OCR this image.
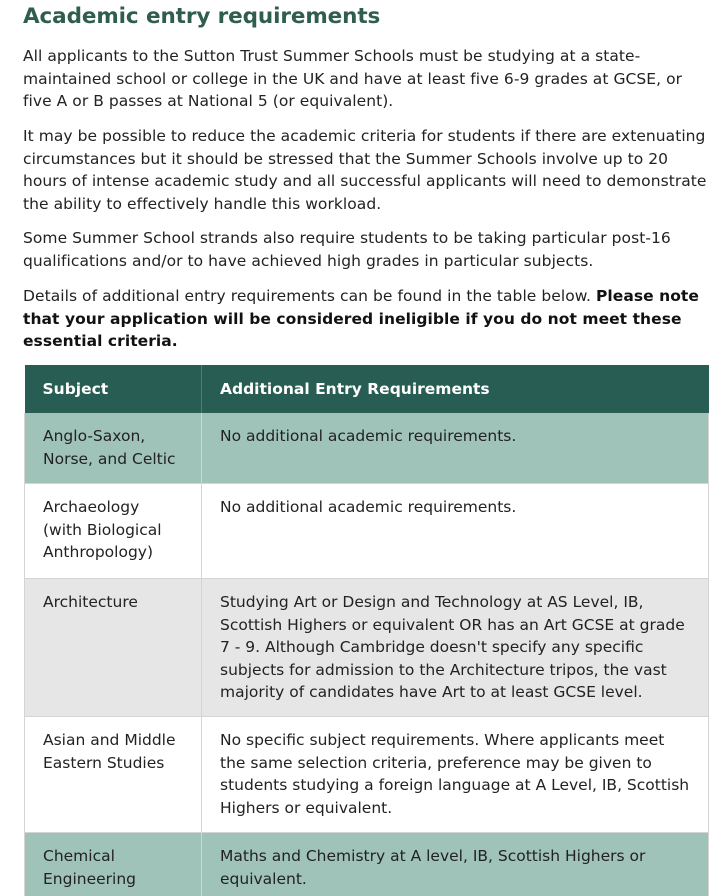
Academic entry requirements

All applicants to the Sutton Trust Summer Schools must be studying at a state-maintained school or college in the UK and have at least five 6-9 grades at GCSE, or five A or B passes at National 5 (or equivalent).

It may be possible to reduce the academic criteria for students if there are extenuating circumstances but it should be stressed that the Summer Schools involve up to 20 hours of intense academic study and all successful applicants will need to demonstrate the ability to effectively handle this workload.

Some Summer School strands also require students to be taking particular post-16 qualifications and/or to have achieved high grades in particular subjects.

Details of additional entry requirements can be found in the table below. Please note that your application will be considered ineligible if you do not meet these essential criteria.

Subject	Additional Entry Requirements
Anglo-Saxon, Norse, and Celtic	No additional academic requirements.
Archaeology (with Biological Anthropology)	No additional academic requirements.
Architecture	Studying Art or Design and Technology at AS Level, IB, Scottish Highers or equivalent OR has an Art GCSE at grade 7 - 9. Although Cambridge doesn't specify any specific subjects for admission to the Architecture tripos, the vast majority of candidates have Art to at least GCSE level.
Asian and Middle Eastern Studies	No specific subject requirements. Where applicants meet the same selection criteria, preference may be given to students studying a foreign language at A Level, IB, Scottish Highers or equivalent.
Chemical Engineering	Maths and Chemistry at A level, IB, Scottish Highers or equivalent.
